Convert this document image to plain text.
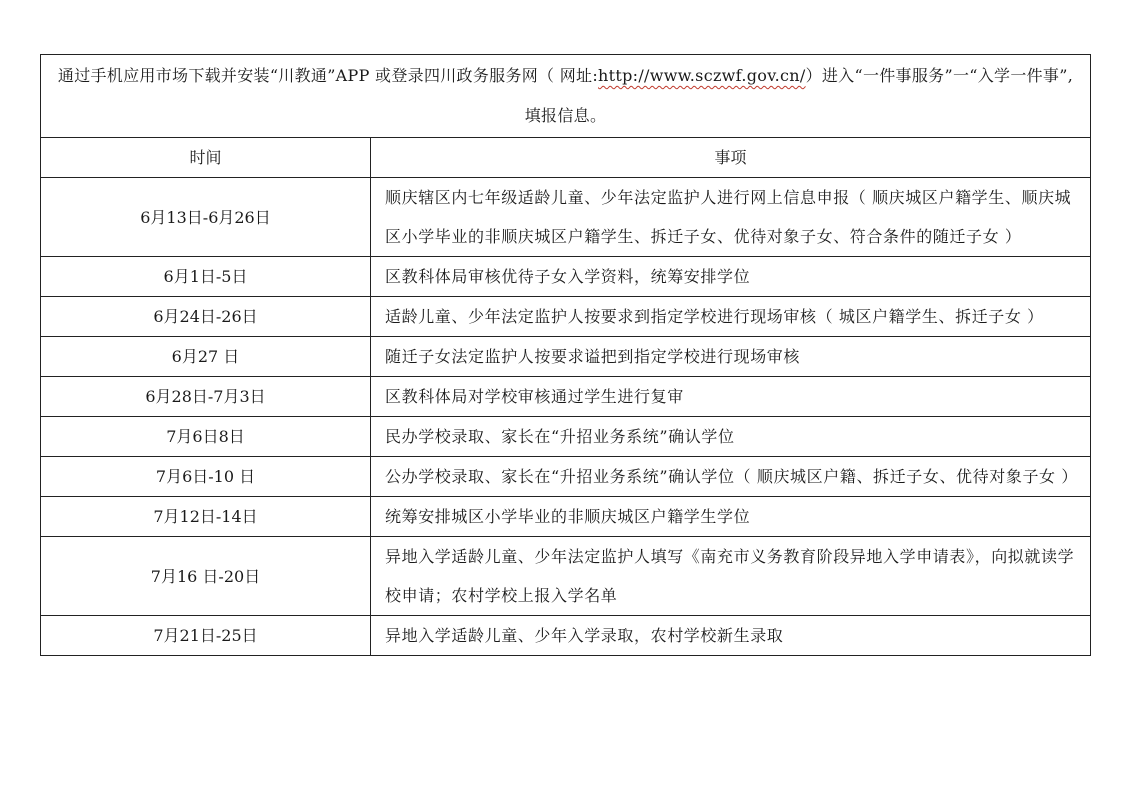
通过手机应用市场下载并安装“川教通”APP 或登录四川政务服务网（ 网址:http://www.sczwf.gov.cn/）进入“一件事服务”一“入学一件事”,填报信息。	
时间	事项
6月13日-6月26日	顺庆辖区内七年级适龄儿童、少年法定监护人进行网上信息申报（ 顺庆城区户籍学生、顺庆城区小学毕业的非顺庆城区户籍学生、拆迁子女、优待对象子女、符合条件的随迁子女 ）
6月1日-5日	区教科体局审核优待子女入学资料，统筹安排学位
6月24日-26日	适龄儿童、少年法定监护人按要求到指定学校进行现场审核（ 城区户籍学生、拆迁子女 ）
6月27 日	随迁子女法定监护人按要求谥把到指定学校进行现场审核
6月28日-7月3日	区教科体局对学校审核通过学生进行复审
7月6日8日	民办学校录取、家长在“升招业务系统”确认学位
7月6日-10 日	公办学校录取、家长在“升招业务系统”确认学位（ 顺庆城区户籍、拆迁子女、优待对象子女 ）
7月12日-14日	统筹安排城区小学毕业的非顺庆城区户籍学生学位
7月16 日-20日	异地入学适龄儿童、少年法定监护人填写《南充市义务教育阶段异地入学申请表》，向拟就读学校申请；农村学校上报入学名单
7月21日-25日	异地入学适龄儿童、少年入学录取，农村学校新生录取
